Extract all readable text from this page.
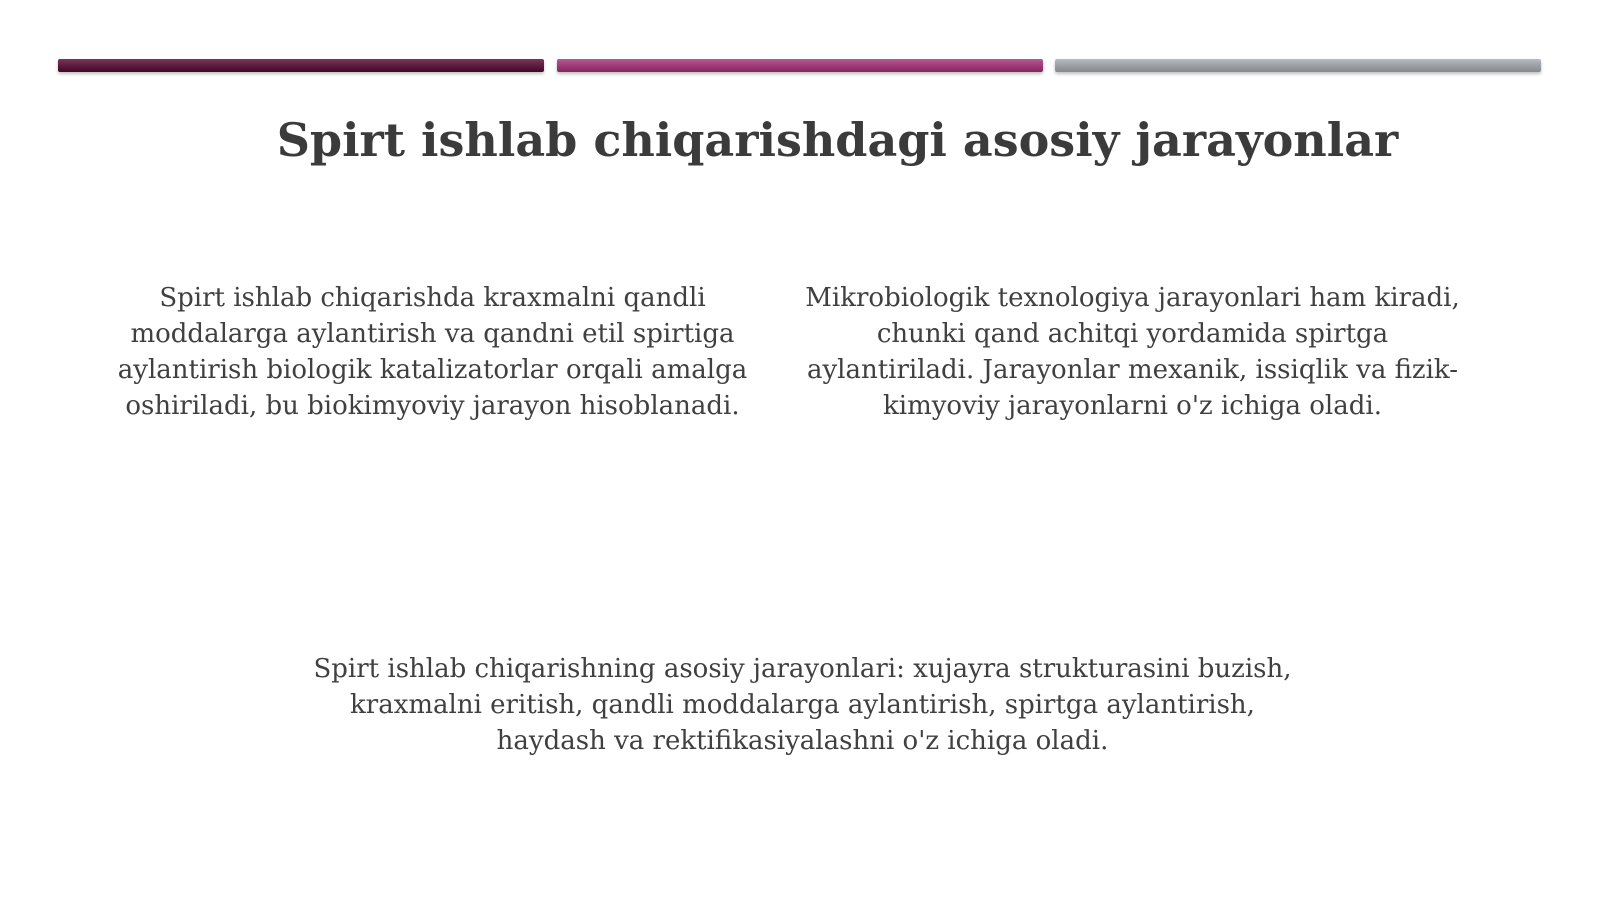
Spirt ishlab chiqarishdagi asosiy jarayonlar

Spirt ishlab chiqarishda kraxmalni qandli moddalarga aylantirish va qandni etil spirtiga aylantirish biologik katalizatorlar orqali amalga oshiriladi, bu biokimyoviy jarayon hisoblanadi.

Mikrobiologik texnologiya jarayonlari ham kiradi, chunki qand achitqi yordamida spirtga aylantiriladi. Jarayonlar mexanik, issiqlik va fizik-kimyoviy jarayonlarni o'z ichiga oladi.

Spirt ishlab chiqarishning asosiy jarayonlari: xujayra strukturasini buzish, kraxmalni eritish, qandli moddalarga aylantirish, spirtga aylantirish, haydash va rektifikasiyalashni o'z ichiga oladi.
